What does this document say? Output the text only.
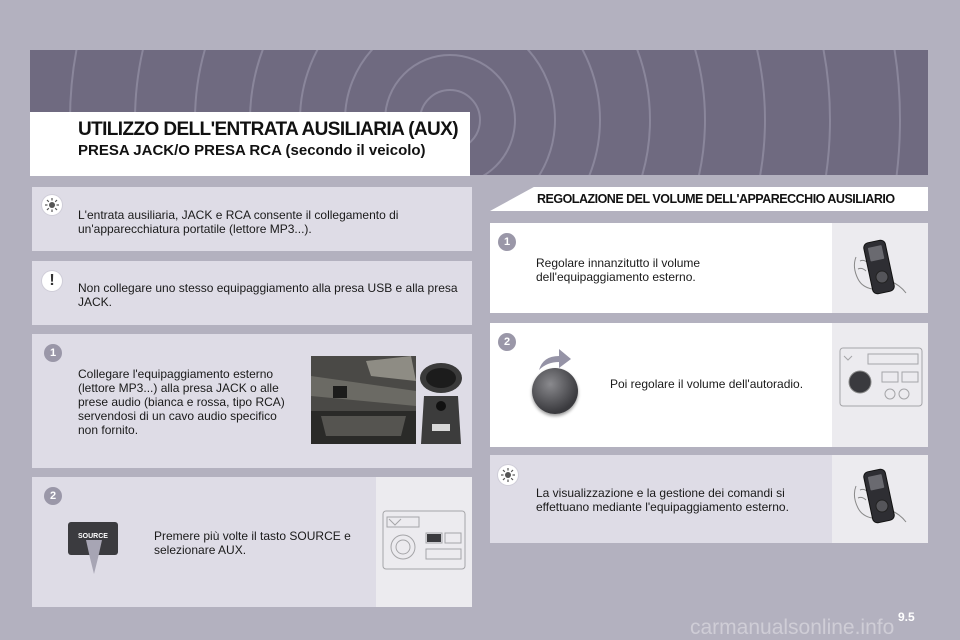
UTILIZZO DELL'ENTRATA AUSILIARIA (AUX)
PRESA JACK/O PRESA RCA (secondo il veicolo)

L'entrata ausiliaria, JACK e RCA consente il collegamento di un'apparecchiatura portatile (lettore MP3...).

!	Non collegare uno stesso equipaggiamento alla presa USB e alla presa JACK.

1

Collegare l'equipaggiamento esterno (lettore MP3...) alla presa JACK o alle prese audio (bianca e rossa, tipo RCA) servendosi di un cavo audio specifico non fornito.

2
SOURCE	Premere più volte il tasto SOURCE e selezionare AUX.

REGOLAZIONE DEL VOLUME DELL'APPARECCHIO AUSILIARIO

1

Regolare innanzitutto il volume dell'equipaggiamento esterno.

2

Poi regolare il volume dell'autoradio.

La visualizzazione e la gestione dei comandi si effettuano mediante l'equipaggiamento esterno.

9.5

carmanualsonline.info
